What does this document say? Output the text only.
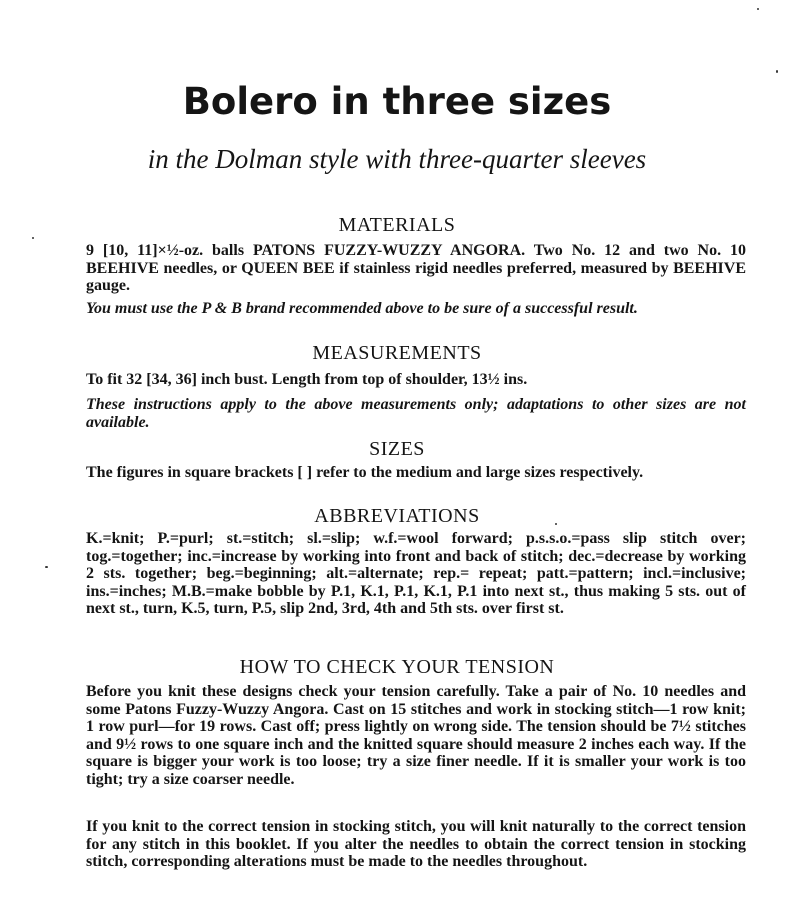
Bolero in three sizes
in the Dolman style with three-quarter sleeves
MATERIALS
9 [10, 11]×½-oz. balls PATONS FUZZY-WUZZY ANGORA. Two No. 12 and two No. 10 BEEHIVE needles, or QUEEN BEE if stainless rigid needles preferred, measured by BEEHIVE gauge.
You must use the P & B brand recommended above to be sure of a successful result.
MEASUREMENTS
To fit 32 [34, 36] inch bust. Length from top of shoulder, 13½ ins.
These instructions apply to the above measurements only; adaptations to other sizes are not available.
SIZES
The figures in square brackets [ ] refer to the medium and large sizes respectively.
ABBREVIATIONS
K.=knit; P.=purl; st.=stitch; sl.=slip; w.f.=wool forward; p.s.s.o.=pass slip stitch over; tog.=together; inc.=increase by working into front and back of stitch; dec.=decrease by working 2 sts. together; beg.=beginning; alt.=alternate; rep.= repeat; patt.=pattern; incl.=inclusive; ins.=inches; M.B.=make bobble by P.1, K.1, P.1, K.1, P.1 into next st., thus making 5 sts. out of next st., turn, K.5, turn, P.5, slip 2nd, 3rd, 4th and 5th sts. over first st.
HOW TO CHECK YOUR TENSION
Before you knit these designs check your tension carefully. Take a pair of No. 10 needles and some Patons Fuzzy-Wuzzy Angora. Cast on 15 stitches and work in stocking stitch—1 row knit; 1 row purl—for 19 rows. Cast off; press lightly on wrong side. The tension should be 7½ stitches and 9½ rows to one square inch and the knitted square should measure 2 inches each way. If the square is bigger your work is too loose; try a size finer needle. If it is smaller your work is too tight; try a size coarser needle.
If you knit to the correct tension in stocking stitch, you will knit naturally to the correct tension for any stitch in this booklet. If you alter the needles to obtain the correct tension in stocking stitch, corresponding alterations must be made to the needles throughout.
